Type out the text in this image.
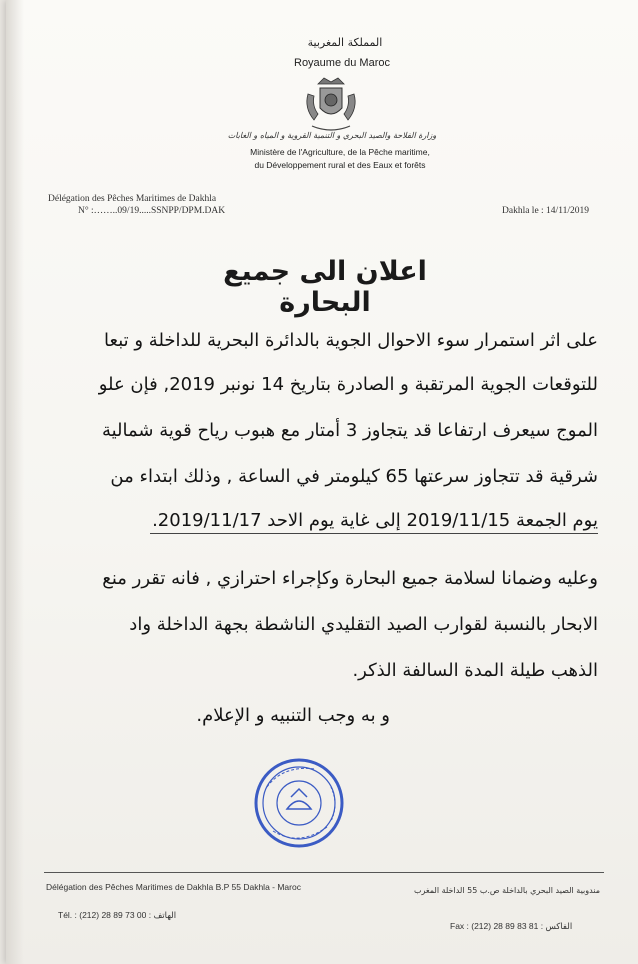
المملكة المغربية
Royaume du Maroc
وزارة الفلاحة والصيد البحري و التنمية القروية و المياه و الغابات
Ministère de l'Agriculture, de la Pêche maritime,
du Développement rural et des Eaux et forêts
Délégation des Pêches Maritimes de Dakhla
N° :……..09/19.....SSNPP/DPM.DAK	Dakhla le : 14/11/2019
اعلان الى جميع البحارة
على اثر استمرار سوء الاحوال الجوية بالدائرة البحرية للداخلة و تبعا
للتوقعات الجوية المرتقبة و الصادرة بتاريخ 14 نونبر 2019, فإن علو
الموج سيعرف ارتفاعا قد يتجاوز 3 أمتار مع هبوب رياح قوية شمالية
شرقية قد تتجاوز سرعتها 65 كيلومتر في الساعة , وذلك ابتداء من
يوم الجمعة 2019/11/15 إلى غاية يوم الاحد 2019/11/17.
وعليه وضمانا لسلامة جميع البحارة وكإجراء احترازي , فانه تقرر منع
الابحار بالنسبة لقوارب الصيد التقليدي الناشطة بجهة الداخلة واد
الذهب طيلة المدة السالفة الذكر.
و به وجب التنبيه و الإعلام.
Délégation des Pêches Maritimes de Dakhla B.P 55 Dakhla - Maroc	مندوبية الصيد البحري بالداخلة ص.ب 55 الداخلة المغرب
Tél. : (212) 28 89 73 00 : الهاتف
Fax : (212) 28 89 83 81 : الفاكس
